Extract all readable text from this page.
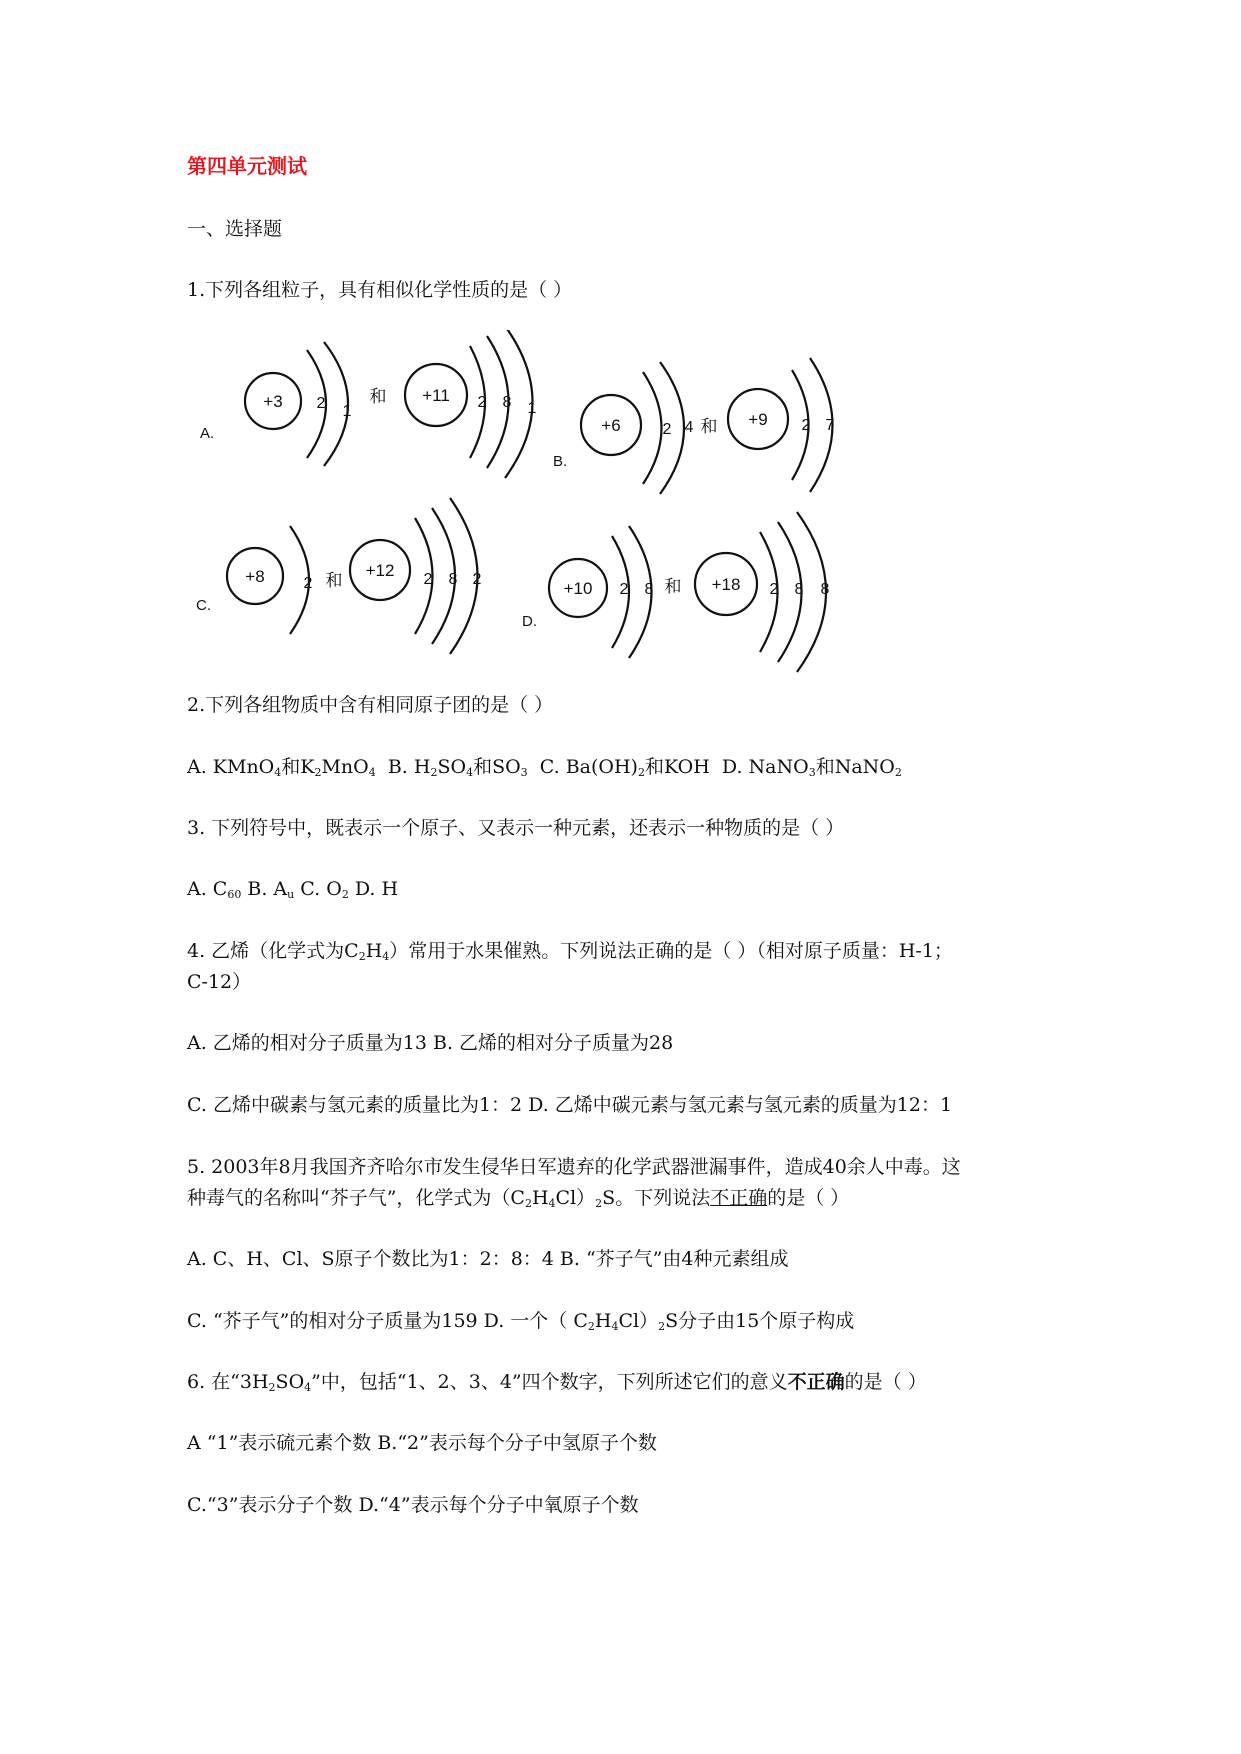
第四单元测试
一、选择题
1.下列各组粒子，具有相似化学性质的是（ ）
A.
+3 2 1
和 +11 2 8 1
B.
+6	2 4 和 +9 2 7
C.
+8 2 和
+12 2 8 2
D.
+10 2 8 和 +18 2 8 8
2.下列各组物质中含有相同原子团的是（ ）
A. KMnO$_4$和$K_2MnO_4$ B. $H_2SO_4$和$SO_3$ C. $Ba(OH)_2$和KOH D. NaNO$_3$和NaNO$_2$
3. 下列符号中，既表示一个原子、又表示一种元素，还表示一种物质的是（ ）
A. $C_{60}$ B. $A_u$ C. $O_2$ D. H
4. 乙烯（化学式为$C_2H_4$）常用于水果催熟。下列说法正确的是（ ）（相对原子质量：H-1；
C-12）
A. 乙烯的相对分子质量为13 B. 乙烯的相对分子质量为28
C. 乙烯中碳素与氢元素的质量比为1：2 D. 乙烯中碳元素与氢元素与氢元素的质量为12：1
5. 2003年8月我国齐齐哈尔市发生侵华日军遗弃的化学武器泄漏事件，造成40余人中毒。这
种毒气的名称叫“芥子气”，化学式为$(C_2H_4Cl)_2S$。下列说法不正确的是（ ）
A. C、H、Cl、S原子个数比为1：2：8：4 B. “芥子气”由4种元素组成
C. “芥子气”的相对分子质量为159 D. 一个（ $C_2H_4Cl)_2S$分子由15个原子构成
6. 在“$3H_2SO_4$”中，包括“1、2、3、4”四个数字，下列所述它们的意义不正确的是（ ）
A “1”表示硫元素个数 B.“2”表示每个分子中氢原子个数
C.“3”表示分子个数 D.“4”表示每个分子中氧原子个数
